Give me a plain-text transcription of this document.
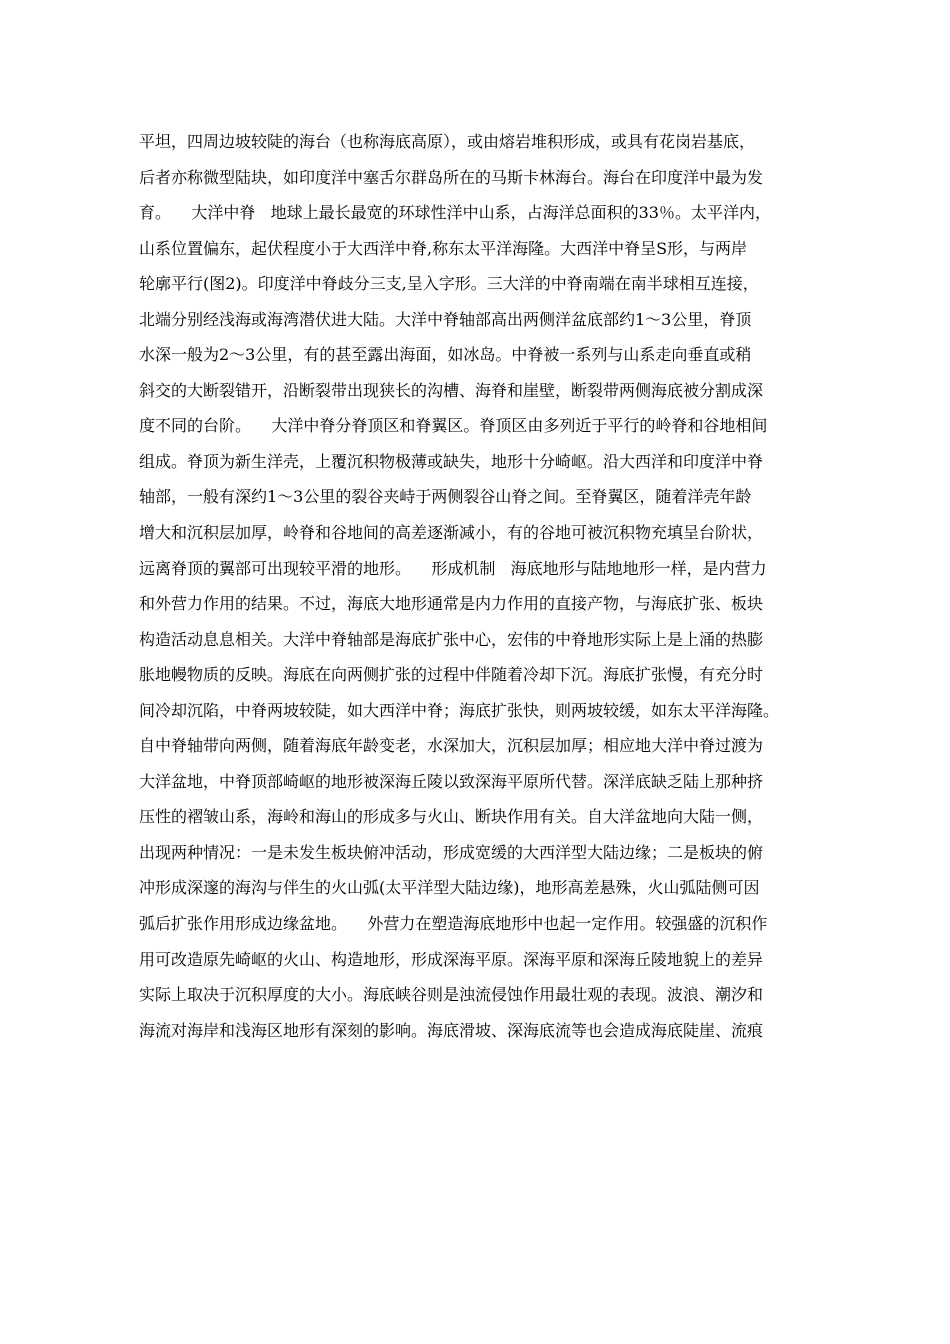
平坦，四周边坡较陡的海台（也称海底高原），或由熔岩堆积形成，或具有花岗岩基底，
后者亦称微型陆块，如印度洋中塞舌尔群岛所在的马斯卡林海台。海台在印度洋中最为发
育。    大洋中脊   地球上最长最宽的环球性洋中山系，占海洋总面积的33％。太平洋内，
山系位置偏东，起伏程度小于大西洋中脊,称东太平洋海隆。大西洋中脊呈S形，与两岸
轮廓平行(图2)。印度洋中脊歧分三支,呈入字形。三大洋的中脊南端在南半球相互连接，
北端分别经浅海或海湾潜伏进大陆。大洋中脊轴部高出两侧洋盆底部约1～3公里，脊顶
水深一般为2～3公里，有的甚至露出海面，如冰岛。中脊被一系列与山系走向垂直或稍
斜交的大断裂错开，沿断裂带出现狭长的沟槽、海脊和崖壁，断裂带两侧海底被分割成深
度不同的台阶。    大洋中脊分脊顶区和脊翼区。脊顶区由多列近于平行的岭脊和谷地相间
组成。脊顶为新生洋壳，上覆沉积物极薄或缺失，地形十分崎岖。沿大西洋和印度洋中脊
轴部，一般有深约1～3公里的裂谷夹峙于两侧裂谷山脊之间。至脊翼区，随着洋壳年龄
增大和沉积层加厚，岭脊和谷地间的高差逐渐减小，有的谷地可被沉积物充填呈台阶状，
远离脊顶的翼部可出现较平滑的地形。    形成机制   海底地形与陆地地形一样，是内营力
和外营力作用的结果。不过，海底大地形通常是内力作用的直接产物，与海底扩张、板块
构造活动息息相关。大洋中脊轴部是海底扩张中心，宏伟的中脊地形实际上是上涌的热膨
胀地幔物质的反映。海底在向两侧扩张的过程中伴随着冷却下沉。海底扩张慢，有充分时
间冷却沉陷，中脊两坡较陡，如大西洋中脊；海底扩张快，则两坡较缓，如东太平洋海隆。
自中脊轴带向两侧，随着海底年龄变老，水深加大，沉积层加厚；相应地大洋中脊过渡为
大洋盆地，中脊顶部崎岖的地形被深海丘陵以致深海平原所代替。深洋底缺乏陆上那种挤
压性的褶皱山系，海岭和海山的形成多与火山、断块作用有关。自大洋盆地向大陆一侧，
出现两种情况：一是未发生板块俯冲活动，形成宽缓的大西洋型大陆边缘；二是板块的俯
冲形成深邃的海沟与伴生的火山弧(太平洋型大陆边缘)，地形高差悬殊，火山弧陆侧可因
弧后扩张作用形成边缘盆地。    外营力在塑造海底地形中也起一定作用。较强盛的沉积作
用可改造原先崎岖的火山、构造地形，形成深海平原。深海平原和深海丘陵地貌上的差异
实际上取决于沉积厚度的大小。海底峡谷则是浊流侵蚀作用最壮观的表现。波浪、潮汐和
海流对海岸和浅海区地形有深刻的影响。海底滑坡、深海底流等也会造成海底陡崖、流痕
